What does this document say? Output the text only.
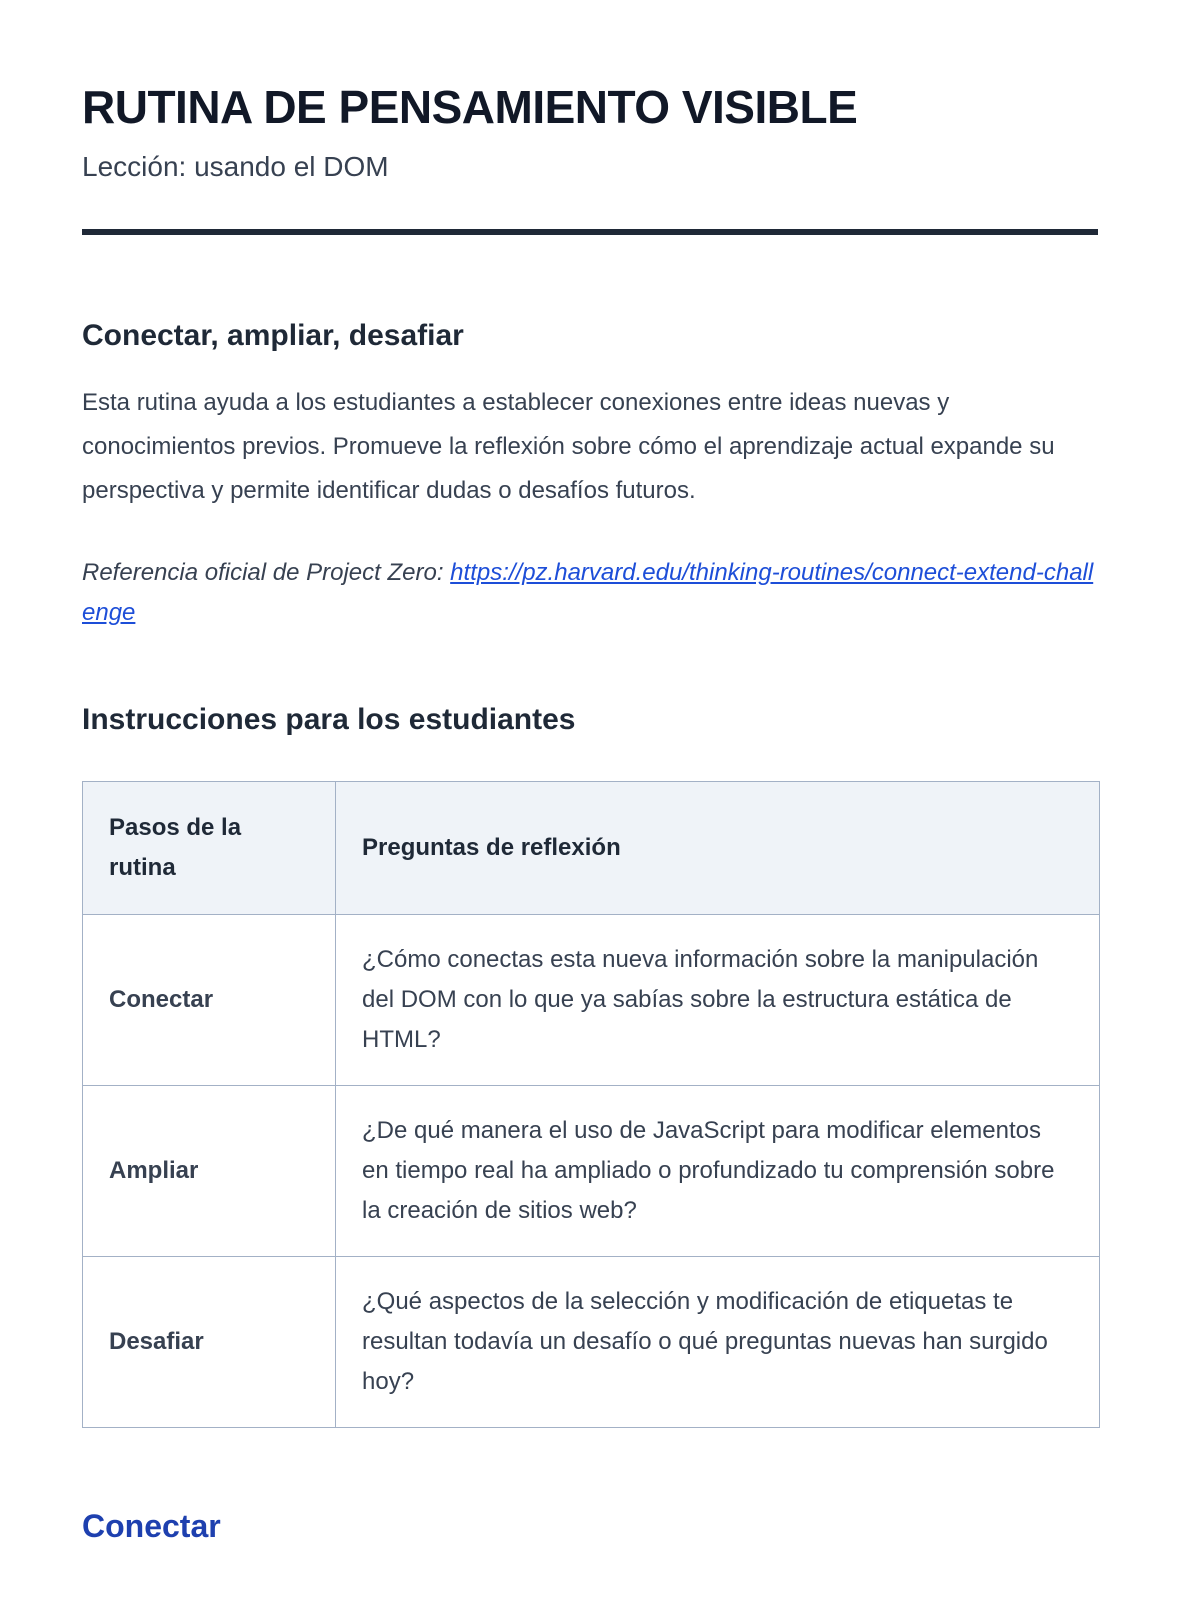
RUTINA DE PENSAMIENTO VISIBLE

Lección: usando el DOM

Conectar, ampliar, desafiar

Esta rutina ayuda a los estudiantes a establecer conexiones entre ideas nuevas y conocimientos previos. Promueve la reflexión sobre cómo el aprendizaje actual expande su perspectiva y permite identificar dudas o desafíos futuros.

Referencia oficial de Project Zero: https://pz.harvard.edu/thinking-routines/connect-extend-challenge

Instrucciones para los estudiantes
Pasos de la rutina	Preguntas de reflexión
Conectar	¿Cómo conectas esta nueva información sobre la manipulación del DOM con lo que ya sabías sobre la estructura estática de HTML?
Ampliar	¿De qué manera el uso de JavaScript para modificar elementos en tiempo real ha ampliado o profundizado tu comprensión sobre la creación de sitios web?
Desafiar	¿Qué aspectos de la selección y modificación de etiquetas te resultan todavía un desafío o qué preguntas nuevas han surgido hoy?
Conectar
